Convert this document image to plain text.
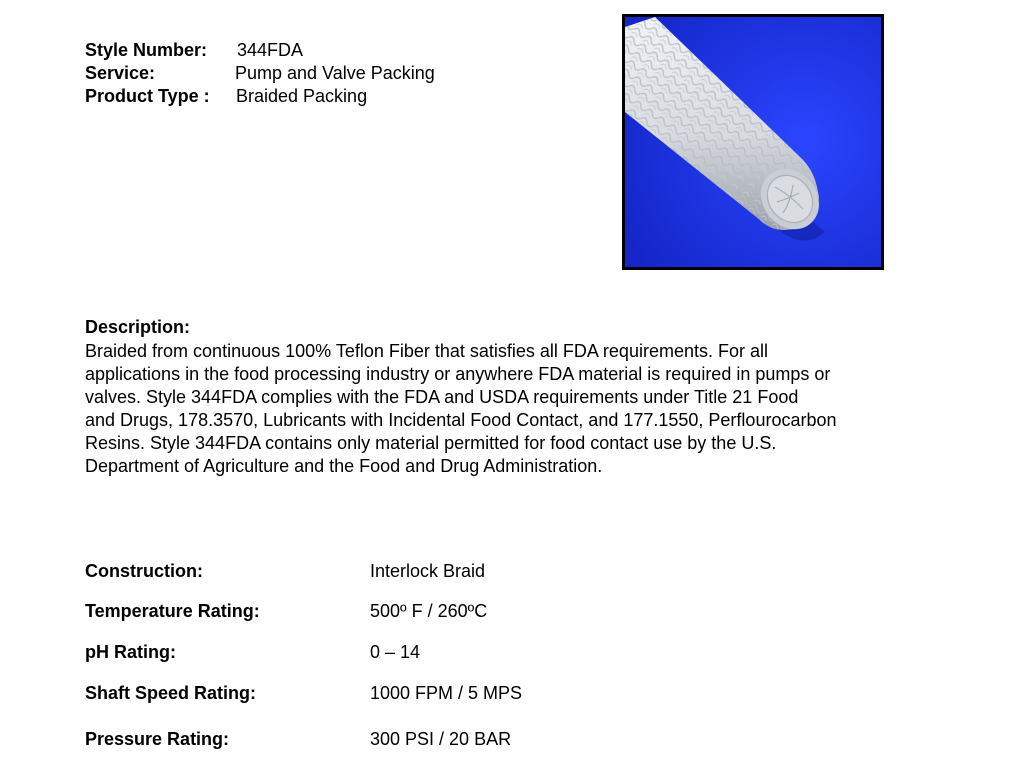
Style Number: 344FDA
Service:	Pump and Valve Packing
Product Type : Braided Packing
Description:
Braided from continuous 100% Teflon Fiber that satisfies all FDA requirements. For all
applications in the food processing industry or anywhere FDA material is required in pumps or
valves. Style 344FDA complies with the FDA and USDA requirements under Title 21 Food
and Drugs, 178.3570, Lubricants with Incidental Food Contact, and 177.1550, Perflourocarbon
Resins. Style 344FDA contains only material permitted for food contact use by the U.S.
Department of Agriculture and the Food and Drug Administration.
Construction:	Interlock Braid
Temperature Rating:	500º F / 260ºC
pH Rating:	0 – 14
Shaft Speed Rating:	1000 FPM / 5 MPS
Pressure Rating:	300 PSI / 20 BAR
